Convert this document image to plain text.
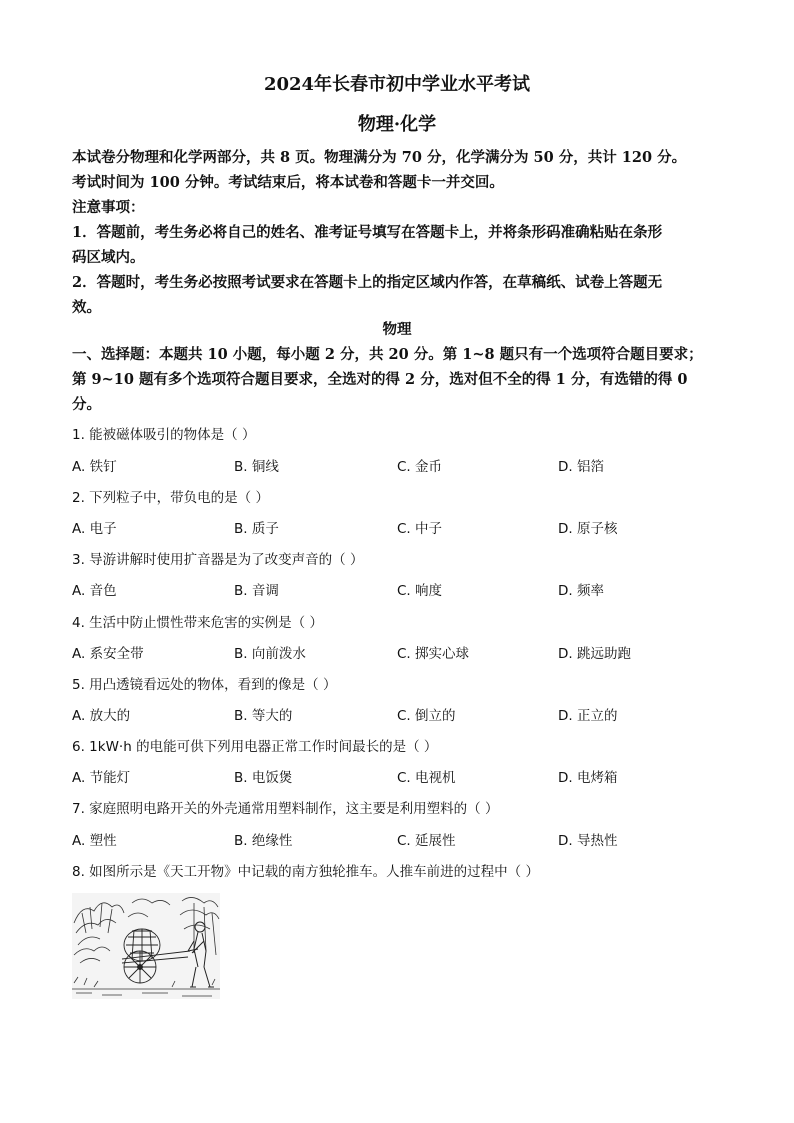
2024年长春市初中学业水平考试
物理·化学
本试卷分物理和化学两部分，共 8 页。物理满分为 70 分，化学满分为 50 分，共计 120 分。
考试时间为 100 分钟。考试结束后，将本试卷和答题卡一并交回。
注意事项：
1．答题前，考生务必将自己的姓名、准考证号填写在答题卡上，并将条形码准确粘贴在条形
码区域内。
2．答题时，考生务必按照考试要求在答题卡上的指定区域内作答，在草稿纸、试卷上答题无
效。
物理
一、选择题：本题共 10 小题，每小题 2 分，共 20 分。第 1~8 题只有一个选项符合题目要求；
第 9~10 题有多个选项符合题目要求，全选对的得 2 分，选对但不全的得 1 分，有选错的得 0
分。
1. 能被磁体吸引的物体是（ ）
A. 铁钉	B. 铜线	C. 金币	D. 铝箔
2. 下列粒子中，带负电的是（ ）
A. 电子	B. 质子	C. 中子	D. 原子核
3. 导游讲解时使用扩音器是为了改变声音的（ ）
A. 音色	B. 音调	C. 响度	D. 频率
4. 生活中防止惯性带来危害的实例是（ ）
A. 系安全带	B. 向前泼水	C. 掷实心球	D. 跳远助跑
5. 用凸透镜看远处的物体，看到的像是（ ）
A. 放大的	B. 等大的	C. 倒立的	D. 正立的
6. 1kW·h 的电能可供下列用电器正常工作时间最长的是（ ）
A. 节能灯	B. 电饭煲	C. 电视机	D. 电烤箱
7. 家庭照明电路开关的外壳通常用塑料制作，这主要是利用塑料的（ ）
A. 塑性	B. 绝缘性	C. 延展性	D. 导热性
8. 如图所示是《天工开物》中记载的南方独轮推车。人推车前进的过程中（ ）
